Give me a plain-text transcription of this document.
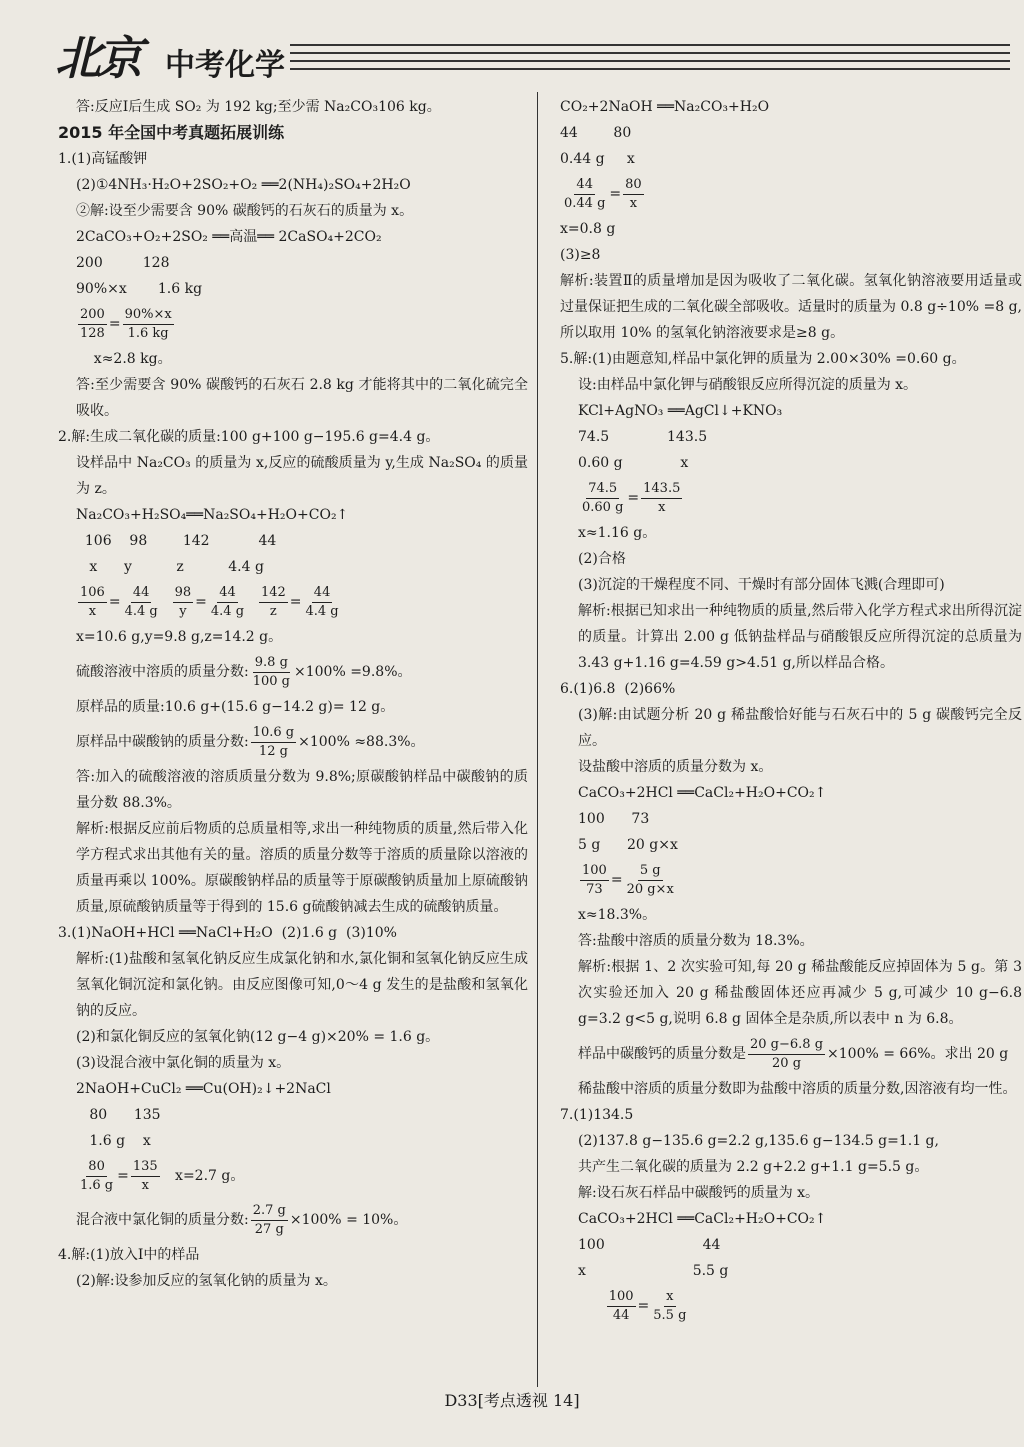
北京 中考化学
答:反应Ⅰ后生成 SO₂ 为 192 kg;至少需 Na₂CO₃106 kg。
2015 年全国中考真题拓展训练
1.(1)高锰酸钾
(2)①4NH₃·H₂O+2SO₂+O₂ ══2(NH₄)₂SO₄+2H₂O
②解:设至少需要含 90% 碳酸钙的石灰石的质量为 x。
2CaCO₃+O₂+2SO₂ ══高温══ 2CaSO₄+2CO₂
200         128
90%×x       1.6 kg
$\frac{200}{128} = \frac{90\%\times x}{1.6 kg}$
x≈2.8 kg。
答:至少需要含 90% 碳酸钙的石灰石 2.8 kg 才能将其中的二氧化硫完全吸收。
2.解:生成二氧化碳的质量:100 g+100 g−195.6 g=4.4 g。
设样品中 Na₂CO₃ 的质量为 x,反应的硫酸质量为 y,生成 Na₂SO₄ 的质量为 z。
Na₂CO₃+H₂SO₄══Na₂SO₄+H₂O+CO₂↑
106    98        142           44
x      y          z          4.4 g
$\frac{106}{x} = \frac{44}{4.4 g}$
$\frac{98}{y} = \frac{44}{4.4 g}$
$\frac{142}{z} = \frac{44}{4.4 g}$
x=10.6 g,y=9.8 g,z=14.2 g。
硫酸溶液中溶质的质量分数: $\frac{9.8 g}{100 g} \times 100\% =9.8\%$。
原样品的质量:10.6 g+(15.6 g−14.2 g)= 12 g。
原样品中碳酸钠的质量分数: $\frac{10.6 g}{12 g} \times 100\% \approx 88.3\%$。
答:加入的硫酸溶液的溶质质量分数为 9.8%;原碳酸钠样品中碳酸钠的质量分数 88.3%。
解析:根据反应前后物质的总质量相等,求出一种纯物质的质量,然后带入化学方程式求出其他有关的量。溶质的质量分数等于溶质的质量除以溶液的质量再乘以 100%。原碳酸钠样品的质量等于原碳酸钠质量加上原硫酸钠质量,原硫酸钠质量等于得到的 15.6 g硫酸钠减去生成的硫酸钠质量。
3.(1)NaOH+HCl ══NaCl+H₂O  (2)1.6 g  (3)10%
解析:(1)盐酸和氢氧化钠反应生成氯化钠和水,氯化铜和氢氧化钠反应生成氢氧化铜沉淀和氯化钠。由反应图像可知,0～4 g 发生的是盐酸和氢氧化钠的反应。
(2)和氯化铜反应的氢氧化钠(12 g−4 g)×20% = 1.6 g。
(3)设混合液中氯化铜的质量为 x。
2NaOH+CuCl₂ ══Cu(OH)₂↓+2NaCl
80      135
1.6 g    x
$\frac{80}{1.6 g} = \frac{135}{x} x=2.7$ g。
混合液中氯化铜的质量分数: $\frac{2.7 g}{27 g} \times 100\% = 10\%$。
4.解:(1)放入Ⅰ中的样品
(2)解:设参加反应的氢氧化钠的质量为 x。
CO₂+2NaOH ══Na₂CO₃+H₂O
44        80
0.44 g     x
$\frac{44}{0.44 g} = \frac{80}{x}$
x=0.8 g
(3)≥8
解析:装置Ⅱ的质量增加是因为吸收了二氧化碳。氢氧化钠溶液要用适量或过量保证把生成的二氧化碳全部吸收。适量时的质量为 0.8 g÷10% =8 g,所以取用 10% 的氢氧化钠溶液要求是≥8 g。
5.解:(1)由题意知,样品中氯化钾的质量为 2.00×30% =0.60 g。
设:由样品中氯化钾与硝酸银反应所得沉淀的质量为 x。
KCl+AgNO₃ ══AgCl↓+KNO₃
74.5             143.5
0.60 g             x
$\frac{74.5}{0.60 g} = \frac{143.5}{x}$
x≈1.16 g。
(2)合格
(3)沉淀的干燥程度不同、干燥时有部分固体飞溅(合理即可)
解析:根据已知求出一种纯物质的质量,然后带入化学方程式求出所得沉淀的质量。计算出 2.00 g 低钠盐样品与硝酸银反应所得沉淀的总质量为3.43 g+1.16 g=4.59 g>4.51 g,所以样品合格。
6.(1)6.8  (2)66%
(3)解:由试题分析 20 g 稀盐酸恰好能与石灰石中的 5 g 碳酸钙完全反应。
设盐酸中溶质的质量分数为 x。
CaCO₃+2HCl ══CaCl₂+H₂O+CO₂↑
100      73
5 g      20 g×x
$\frac{100}{73} = \frac{5 g}{20 g\times x}$
x≈18.3%。
答:盐酸中溶质的质量分数为 18.3%。
解析:根据 1、2 次实验可知,每 20 g 稀盐酸能反应掉固体为 5 g。第 3 次实验还加入 20 g 稀盐酸固体还应再减少 5 g,可减少 10 g−6.8 g=3.2 g<5 g,说明 6.8 g 固体全是杂质,所以表中 n 为 6.8。
样品中碳酸钙的质量分数是 $\frac{20 g-6.8 g}{20 g} \times 100\% = 66\%$。求出 20 g
稀盐酸中溶质的质量分数即为盐酸中溶质的质量分数,因溶液有均一性。
7.(1)134.5
(2)137.8 g−135.6 g=2.2 g,135.6 g−134.5 g=1.1 g,
共产生二氧化碳的质量为 2.2 g+2.2 g+1.1 g=5.5 g。
解:设石灰石样品中碳酸钙的质量为 x。
CaCO₃+2HCl ══CaCl₂+H₂O+CO₂↑
100                      44
x                        5.5 g

$\frac{100}{44} = \frac{x}{5.5 g}$
D33[考点透视 14]
